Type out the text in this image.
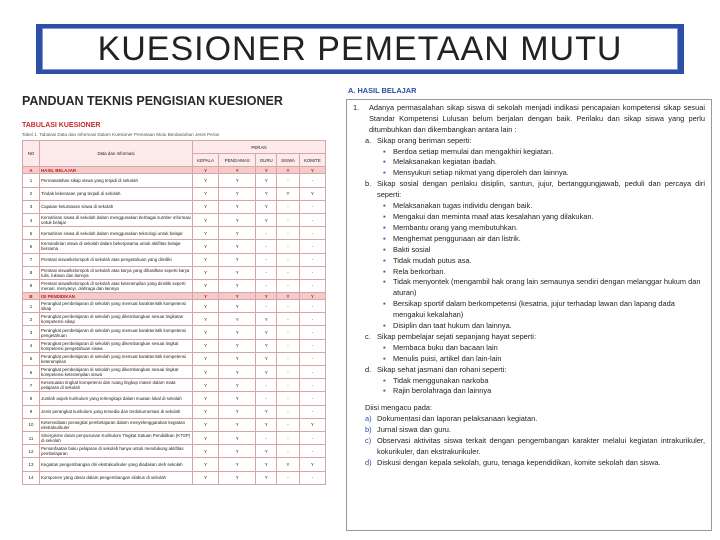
KUESIONER PEMETAAN MUTU
PANDUAN TEKNIS PENGISIAN KUESIONER
TABULASI KUESIONER
Tabel 1. Tabulasi Data dan Informasi Dalam Kuesioner Pemetaan Mutu Berdasarkan Jenis Peran
NO	Data dan Informasi	PERAN				
		KEPALA	PENGAWAS	GURU	SISWA	KOMITE
A	HASIL BELAJAR	Y	Y	Y	Y	Y
1	Permasalahan sikap siswa yang terjadi di sekolah	Y	Y	Y	-	-
2	Tindak kekerasan yang terjadi di sekolah	Y	Y	Y	Y	Y
3	Capaian ketuntasan siswa di sekolah	Y	Y	Y	-	-
4	Kemahiran siswa di sekolah dalam menggunakan berbagai sumber informasi untuk belajar	Y	Y	Y	-	-
5	Kemahiran siswa di sekolah dalam menggunakan teknologi untuk belajar	Y	Y	-	-	-
6	Kemandirian siswa di sekolah dalam bekerjasama untuk aktifitas belajar bersama	Y	Y	-	-	-
7	Prestasi siswa/kelompok di sekolah atas pengetahuan yang dimiliki	Y	Y	-	-	-
8	Prestasi siswa/kelompok di sekolah atas karya yang dihasilkan seperti karya tulis, lukisan dan lainnya	Y	Y	-	-	-
9	Prestasi siswa/kelompok di sekolah atas keterampilan yang dimiliki seperti menari, menyanyi, olahraga dan lainnya	Y	Y	-	-	-
B	ISI PENDIDIKAN	Y	Y	Y	Y	Y
1	Perangkat pembelajaran di sekolah yang memuat karakteristik kompetensi sikap	Y	Y	-	-	-
2	Perangkat pembelajaran di sekolah yang dikembangkan sesuai tingkatan kompetensi sikap	Y	Y	Y	-	-
3	Perangkat pembelajaran di sekolah yang memuat karakteristik kompetensi pengetahuan	Y	Y	Y	-	-
4	Perangkat pembelajaran di sekolah yang dikembangkan sesuai tingkat kompetensi pengetahuan siswa	Y	Y	Y	-	-
5	Perangkat pembelajaran di sekolah yang memuat karakteristik kompetensi keterampilan	Y	Y	Y	-	-
6	Perangkat pembelajaran di sekolah yang dikembangkan sesuai tingkat kompetensi keterampilan siswa	Y	Y	Y	-	-
7	Kesesuaian tingkat kompetensi dan ruang lingkup materi dalam mata pelajaran di sekolah	Y	Y	-	-	-
8	Jumlah aspek kurikulum yang terlengkapi dalam muatan lokal di sekolah	Y	Y	-	-	-
9	Jenis perangkat kurikulum yang tersedia dan terdokumentasi di sekolah	Y	Y	Y	-	-
10	Ketersediaan perangkat pembelajaran dalam menyelenggarakan kegiatan ekstrakurikuler	Y	Y	Y	-	Y
11	Sinergisme dasar penyusunan Kurikulum Tingkat Satuan Pendidikan (KTSP) di sekolah	Y	Y	-	-	-
12	Pemanfaatan buku pelajaran di sekolah hanya untuk mendukung aktifitas pembelajaran	Y	Y	Y	-	-
13	Kegiatan pengembangan diri ekstrakurikuler yang diadakan oleh sekolah	Y	Y	Y	Y	Y
14	Komponen yang dasar dalam pengembangan silabus di sekolah	Y	Y	Y	-	-
A. HASIL BELAJAR
1.	Adanya permasalahan sikap siswa di sekolah menjadi indikasi pencapaian kompetensi sikap sesuai Standar Kompetensi Lulusan belum berjalan dengan baik. Perilaku dan sikap siswa yang perlu ditumbuhkan dan dikembangkan antara lain :
a. Sikap orang beriman seperti:
▪ Berdoa setiap memulai dan mengakhiri kegiatan.
▪ Melaksanakan kegiatan ibadah.
▪ Mensyukuri setiap nikmat yang diperoleh dan lainnya.
b. Sikap sosial dengan perilaku disiplin, santun, jujur, bertanggungjawab, peduli dan percaya diri seperti:
▪ Melaksanakan tugas individu dengan baik.
▪ Mengakui dan meminta maaf atas kesalahan yang dilakukan.
▪ Membantu orang yang membutuhkan.
▪ Menghemat penggunaan air dan listrik.
▪ Bakti sosial
▪ Tidak mudah putus asa.
▪ Rela berkorban.
▪ Tidak menyontek (mengambil hak orang lain semaunya sendiri dengan melanggar hukum dan aturan)
▪ Bersikap sportif dalam berkompetensi (kesatria, jujur terhadap lawan dan lapang dada mengakui kekalahan)
▪ Disiplin dan taat hukum dan lainnya.
c. Sikap pembelajar sejati sepanjang hayat seperti:
▪ Membaca buku dan bacaan lain
▪ Menulis puisi, artikel dan lain-lain
d. Sikap sehat jasmani dan rohani seperti:
▪ Tidak menggunakan narkoba
▪ Rajin berolahraga dan lainnya
Diisi mengacu pada:
a) Dokumentasi dan laporan pelaksanaan kegiatan.
b) Jurnal siswa dan guru.
c) Observasi aktivitas siswa terkait dengan pengembangan karakter melalui kegiatan intrakurikuler, kokurikuler, dan ekstrakurikuler.
d) Diskusi dengan kepala sekolah, guru, tenaga kependidikan, komite sekolah dan siswa.
